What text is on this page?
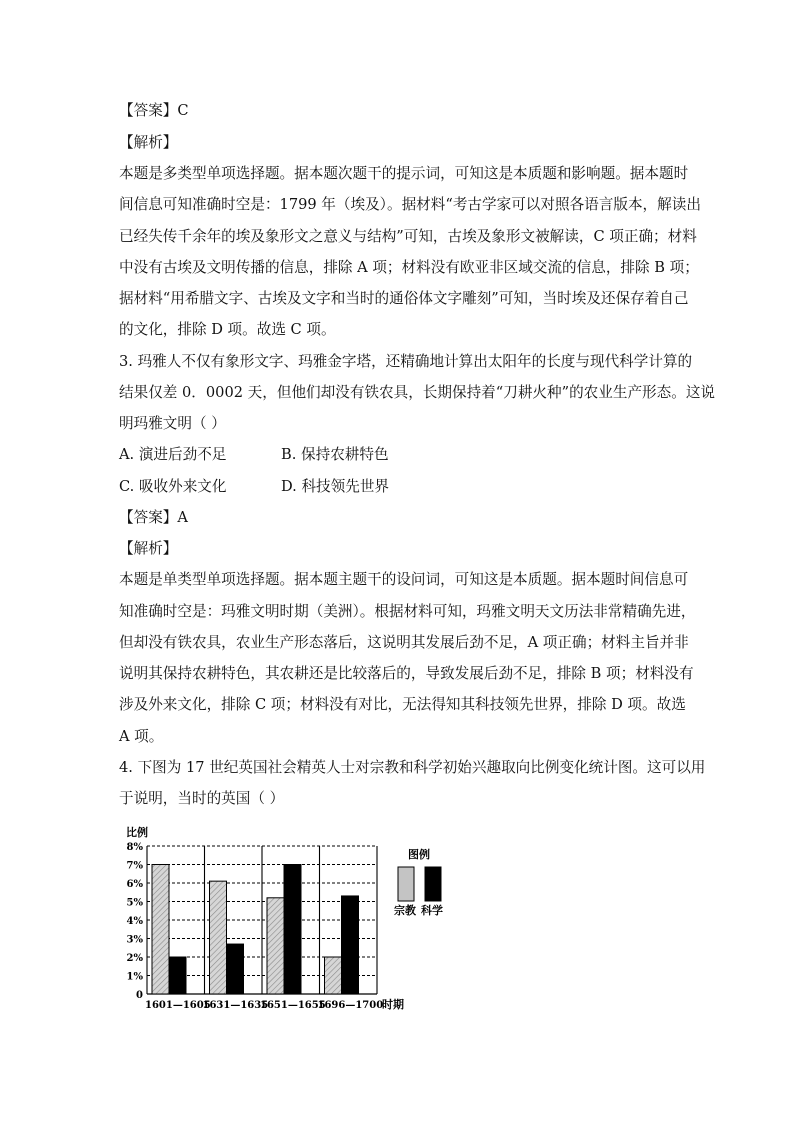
【答案】C
【解析】
本题是多类型单项选择题。据本题次题干的提示词，可知这是本质题和影响题。据本题时
间信息可知准确时空是：1799 年（埃及）。据材料“考古学家可以对照各语言版本，解读出
已经失传千余年的埃及象形文之意义与结构”可知，古埃及象形文被解读，C 项正确；材料
中没有古埃及文明传播的信息，排除 A 项；材料没有欧亚非区域交流的信息，排除 B 项；
据材料“用希腊文字、古埃及文字和当时的通俗体文字雕刻”可知，当时埃及还保存着自己
的文化，排除 D 项。故选 C 项。
3. 玛雅人不仅有象形文字、玛雅金字塔，还精确地计算出太阳年的长度与现代科学计算的
结果仅差 0．0002 天，但他们却没有铁农具，长期保持着“刀耕火种”的农业生产形态。这说
明玛雅文明（ ）
A. 演进后劲不足	B. 保持农耕特色
C. 吸收外来文化	D. 科技领先世界
【答案】A
【解析】
本题是单类型单项选择题。据本题主题干的设问词，可知这是本质题。据本题时间信息可
知准确时空是：玛雅文明时期（美洲）。根据材料可知，玛雅文明天文历法非常精确先进，
但却没有铁农具，农业生产形态落后，这说明其发展后劲不足，A 项正确；材料主旨并非
说明其保持农耕特色，其农耕还是比较落后的，导致发展后劲不足，排除 B 项；材料没有
涉及外来文化，排除 C 项；材料没有对比，无法得知其科技领先世界，排除 D 项。故选
A 项。
4. 下图为 17 世纪英国社会精英人士对宗教和科学初始兴趣取向比例变化统计图。这可以用
于说明，当时的英国（ ）
比例
0
1%
2%
3%
4%
5%
6%
7%
8%
1601—1605
1631—1635
1651—1655
1696—1700
时期
图例
宗教 科学
